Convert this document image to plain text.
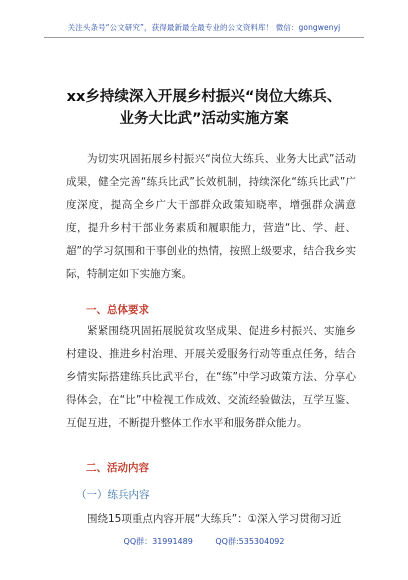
关注头条号“公文研究”，获得最新最全最专业的公文资料库！ 微信：gongwenyj
xx乡持续深入开展乡村振兴“岗位大练兵、
业务大比武”活动实施方案
为切实巩固拓展乡村振兴“岗位大练兵、业务大比武”活动成果，健全完善“练兵比武”长效机制，持续深化“练兵比武”广度深度，提高全乡广大干部群众政策知晓率，增强群众满意度，提升乡村干部业务素质和履职能力，营造“比、学、赶、超”的学习氛围和干事创业的热情，按照上级要求，结合我乡实际，特制定如下实施方案。
一、总体要求
紧紧围绕巩固拓展脱贫攻坚成果、促进乡村振兴、实施乡村建设、推进乡村治理、开展关爱服务行动等重点任务，结合乡情实际搭建练兵比武平台，在“练”中学习政策方法、分享心得体会，在“比”中检视工作成效、交流经验做法，互学互鉴、互促互进，不断提升整体工作水平和服务群众能力。
二、活动内容
（一）练兵内容
围绕15项重点内容开展“大练兵”：①深入学习贯彻习近
QQ群：31991489	QQ群:535304092
